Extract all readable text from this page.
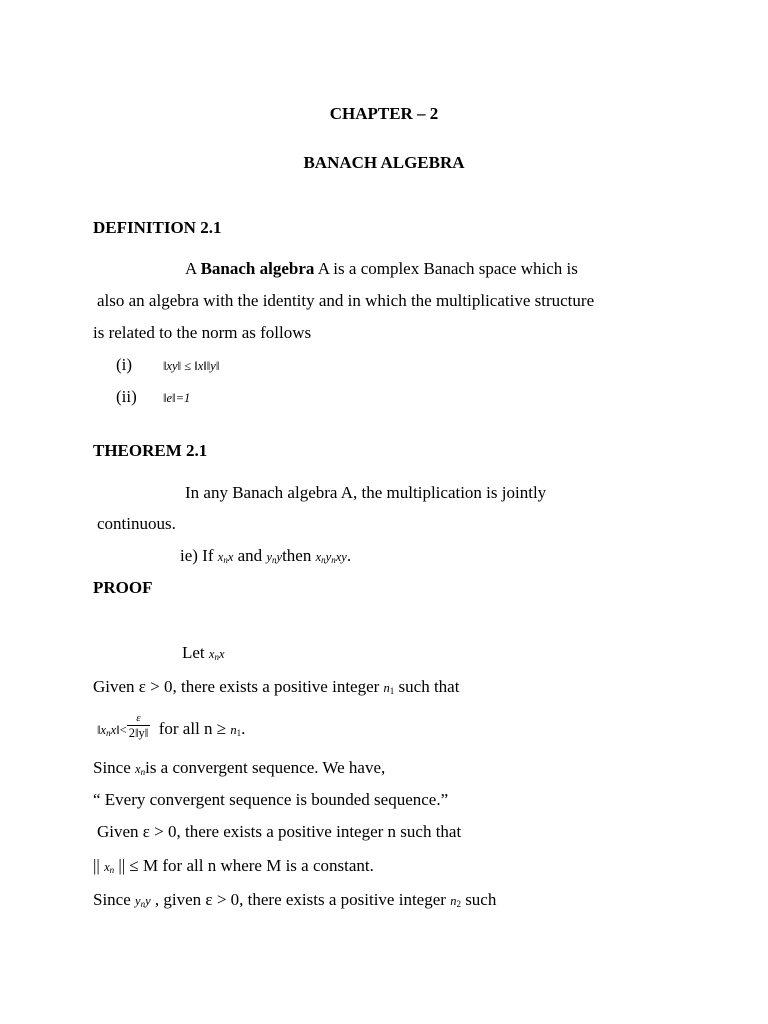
CHAPTER – 2
BANACH ALGEBRA
DEFINITION 2.1
A Banach algebra A is a complex Banach space which is
also an algebra with the identity and in which the multiplicative structure
is related to the norm as follows
(i) ‖xy‖ ≤ ‖x‖‖y‖
(ii) ‖e‖=1
THEOREM 2.1
In any Banach algebra A, the multiplication is jointly
continuous.
ie) If xnx and ynythen xnynxy.
PROOF
Let xnx
Given ε > 0, there exists a positive integer n1 such that
‖xnx‖< $\frac{\varepsilon}{2‖y‖}$ for all n ≥ n1.
Since xnis a convergent sequence. We have,
“ Every convergent sequence is bounded sequence.”
Given ε > 0, there exists a positive integer n such that
|| xn || ≤ M for all n where M is a constant.
Since yny , given ε > 0, there exists a positive integer n2 such
